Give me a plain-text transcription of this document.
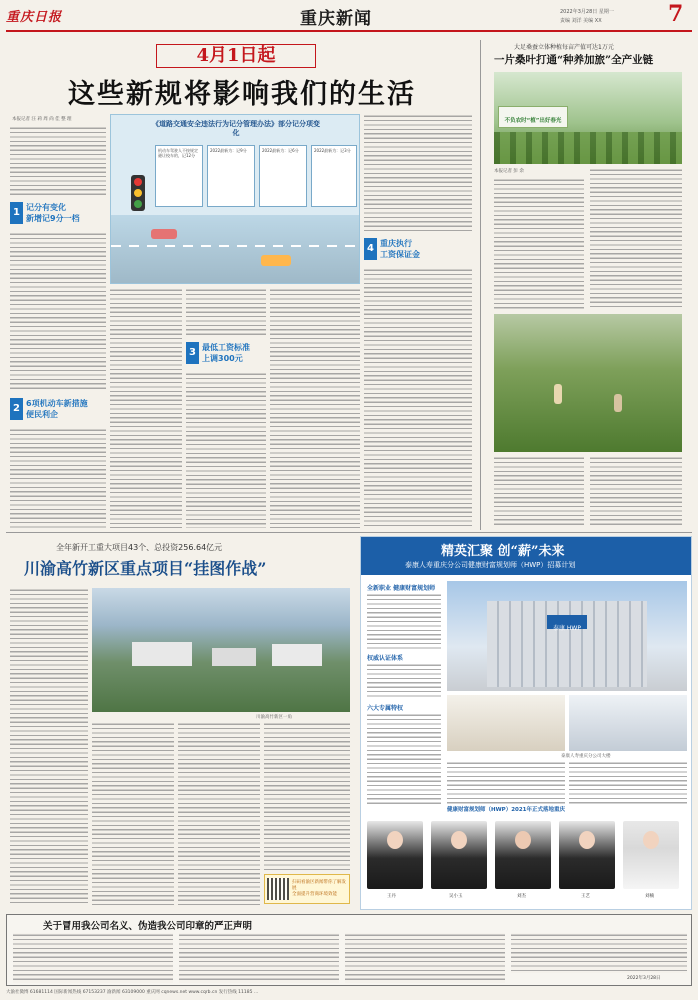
重庆日报	重庆新闻	2022年3月28日 星期一
责编 刘洋 美编 XX	7
4月1日起
这些新规将影响我们的生活
本报记者 汪 莉 周 尚 佳 整 理
1 记分有变化
新增记9分一档
2 6项机动车新措施
便民利企
《道路交通安全违法行为记分管理办法》部分记分项变化
机动车驾驶人不按规定避让校车的，记12分
2022最新为：记9分	2022最新为：记6分	2022最新为：记3分
3 最低工资标准
上调300元
4 重庆执行
工资保证金
大足桑蚕立体种植每亩产值可达1万元
一片桑叶打通“种养加旅”全产业链
不负农时“植”出好春光
本报记者 彭 余
全年新开工重大项目43个、总投资256.64亿元
川渝高竹新区重点项目“挂图作战”
川渝高竹新区一角
扫码看渝区新闻带你了解发展
全面提升营商环境效能
精英汇聚 创“薪”未来
泰康人寿重庆分公司健康财富规划师（HWP）招募计划
全新职业 健康财富规划师
权威认证体系
六大专属特权
泰康 HWP
泰康人寿重庆分公司大楼
健康财富规划师（HWP）2021年正式落地重庆
王丹	吴小玉	刘杰	王艺	刘楠
关于冒用我公司名义、伪造我公司印章的严正声明
2022年3月28日
大渝社微博 61681114 国际新闻热线 67153237 渝新闻 63109000 重庆网 cqnews.net www.cqrb.cn 发行热线 11185 ...
